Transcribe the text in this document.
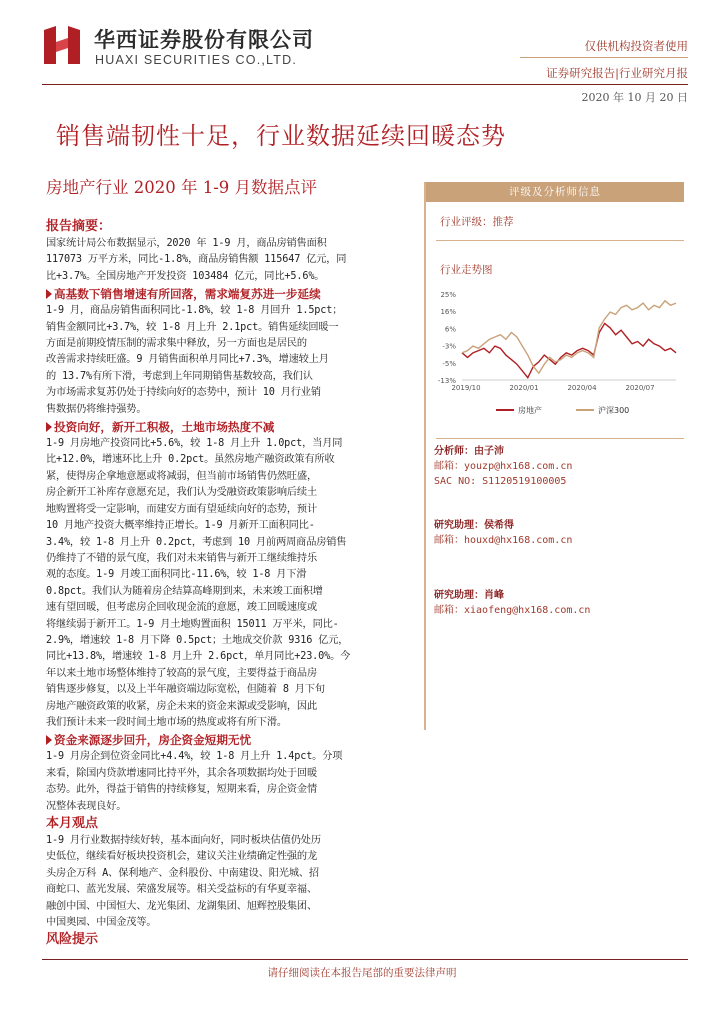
华西证券股份有限公司
HUAXI SECURITIES CO.,LTD.
仅供机构投资者使用
证券研究报告|行业研究月报
2020 年 10 月 20 日
销售端韧性十足，行业数据延续回暖态势
房地产行业 2020 年 1-9 月数据点评
报告摘要：
国家统计局公布数据显示，2020 年 1-9 月，商品房销售面积
117073 万平方米，同比-1.8%，商品房销售额 115647 亿元，同
比+3.7%。全国房地产开发投资 103484 亿元，同比+5.6%。
高基数下销售增速有所回落，需求端复苏进一步延续
1-9 月，商品房销售面积同比-1.8%，较 1-8 月回升 1.5pct；
销售金额同比+3.7%，较 1-8 月上升 2.1pct。销售延续回暖一
方面是前期疫情压制的需求集中释放，另一方面也是居民的
改善需求持续旺盛。9 月销售面积单月同比+7.3%，增速较上月
的 13.7%有所下滑，考虑到上年同期销售基数较高，我们认
为市场需求复苏仍处于持续向好的态势中，预计 10 月行业销
售数据仍将维持强势。
投资向好，新开工积极，土地市场热度不减
1-9 月房地产投资同比+5.6%，较 1-8 月上升 1.0pct，当月同
比+12.0%，增速环比上升 0.2pct。虽然房地产融资政策有所收
紧，使得房企拿地意愿或将减弱，但当前市场销售仍然旺盛，
房企新开工补库存意愿充足，我们认为受融资政策影响后续土
地购置将受一定影响，而建安方面有望延续向好的态势，预计
10 月地产投资大概率维持正增长。1-9 月新开工面积同比-
3.4%，较 1-8 月上升 0.2pct，考虑到 10 月前两周商品房销售
仍维持了不错的景气度，我们对未来销售与新开工继续维持乐
观的态度。1-9 月竣工面积同比-11.6%，较 1-8 月下滑
0.8pct。我们认为随着房企结算高峰期到来，未来竣工面积增
速有望回暖，但考虑房企回收现金流的意愿，竣工回暖速度或
将继续弱于新开工。1-9 月土地购置面积 15011 万平米，同比-
2.9%，增速较 1-8 月下降 0.5pct；土地成交价款 9316 亿元，
同比+13.8%，增速较 1-8 月上升 2.6pct，单月同比+23.0%。今
年以来土地市场整体维持了较高的景气度，主要得益于商品房
销售逐步修复，以及上半年融资端边际宽松，但随着 8 月下旬
房地产融资政策的收紧，房企未来的资金来源或受影响，因此
我们预计未来一段时间土地市场的热度或将有所下滑。
资金来源逐步回升，房企资金短期无忧
1-9 月房企到位资金同比+4.4%，较 1-8 月上升 1.4pct。分项
来看，除国内贷款增速同比持平外，其余各项数据均处于回暖
态势。此外，得益于销售的持续修复，短期来看，房企资金情
况整体表现良好。
本月观点
1-9 月行业数据持续好转，基本面向好，同时板块估值仍处历
史低位，继续看好板块投资机会，建议关注业绩确定性强的龙
头房企万科 A、保利地产、金科股份、中南建设、阳光城、招
商蛇口、蓝光发展、荣盛发展等。相关受益标的有华夏幸福、
融创中国、中国恒大、龙光集团、龙湖集团、旭辉控股集团、
中国奥园、中国金茂等。
风险提示
评级及分析师信息
行业评级：推荐
行业走势图
25%
16%
6%
-3%
-5%
-13%
2019/10	2020/01	2020/04	2020/07
房地产	沪深300
分析师：由子沛
邮箱：youzp@hx168.com.cn
SAC NO: S1120519100005
研究助理：侯希得
邮箱：houxd@hx168.com.cn
研究助理：肖峰
邮箱：xiaofeng@hx168.com.cn
请仔细阅读在本报告尾部的重要法律声明
